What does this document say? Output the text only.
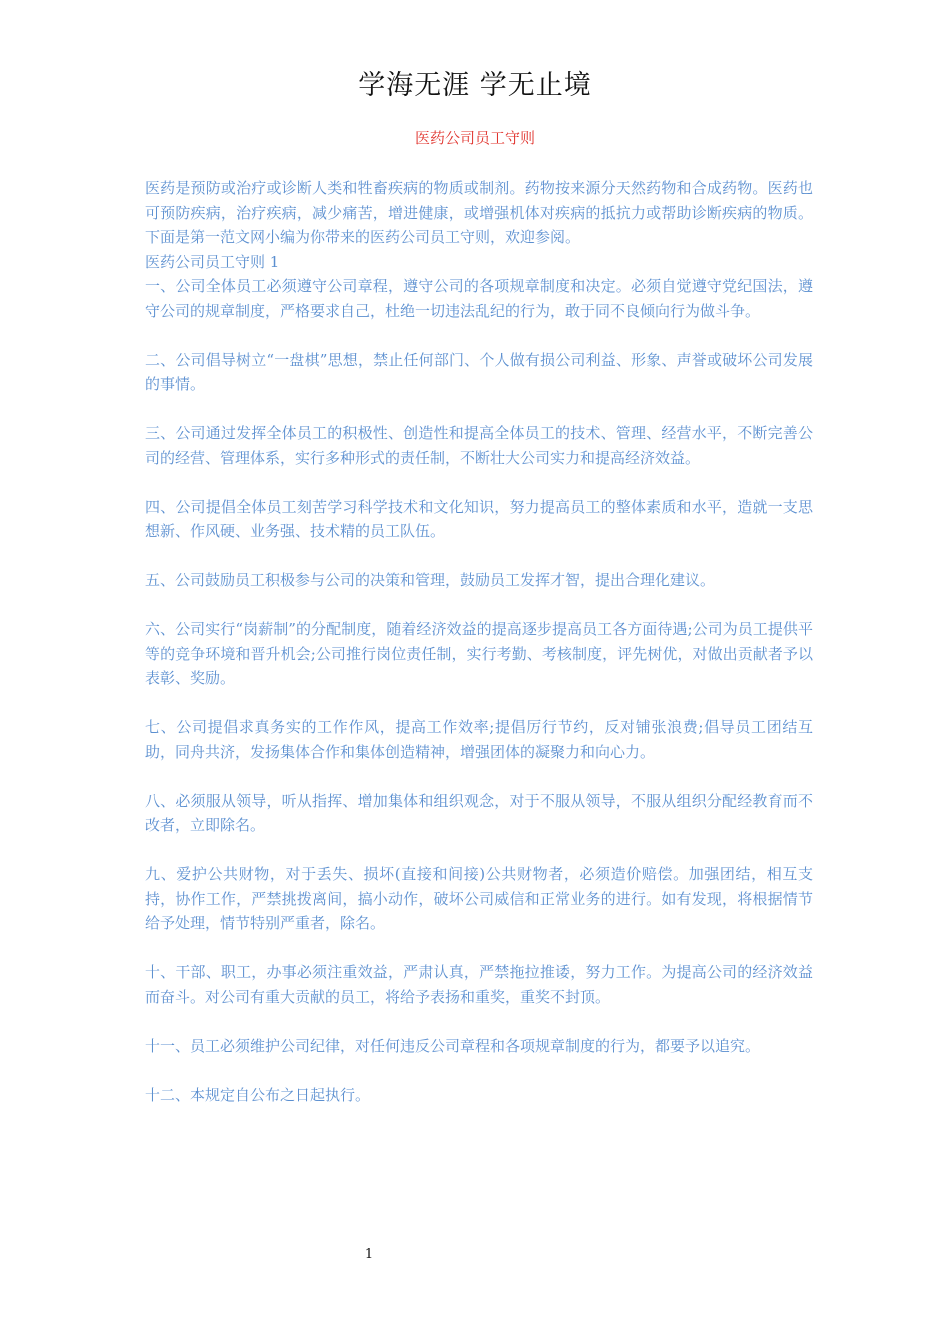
学海无涯 学无止境
医药公司员工守则

医药是预防或治疗或诊断人类和牲畜疾病的物质或制剂。药物按来源分天然药物和合成药物。医药也可预防疾病，治疗疾病，减少痛苦，增进健康，或增强机体对疾病的抵抗力或帮助诊断疾病的物质。下面是第一范文网小编为你带来的医药公司员工守则，欢迎参阅。

医药公司员工守则 1

一、公司全体员工必须遵守公司章程，遵守公司的各项规章制度和决定。必须自觉遵守党纪国法，遵守公司的规章制度，严格要求自己，杜绝一切违法乱纪的行为，敢于同不良倾向行为做斗争。

二、公司倡导树立“一盘棋”思想，禁止任何部门、个人做有损公司利益、形象、声誉或破坏公司发展的事情。

三、公司通过发挥全体员工的积极性、创造性和提高全体员工的技术、管理、经营水平，不断完善公司的经营、管理体系，实行多种形式的责任制，不断壮大公司实力和提高经济效益。

四、公司提倡全体员工刻苦学习科学技术和文化知识，努力提高员工的整体素质和水平，造就一支思想新、作风硬、业务强、技术精的员工队伍。

五、公司鼓励员工积极参与公司的决策和管理，鼓励员工发挥才智，提出合理化建议。

六、公司实行“岗薪制”的分配制度，随着经济效益的提高逐步提高员工各方面待遇;公司为员工提供平等的竞争环境和晋升机会;公司推行岗位责任制，实行考勤、考核制度，评先树优，对做出贡献者予以表彰、奖励。

七、公司提倡求真务实的工作作风，提高工作效率;提倡厉行节约，反对铺张浪费;倡导员工团结互助，同舟共济，发扬集体合作和集体创造精神，增强团体的凝聚力和向心力。

八、必须服从领导，听从指挥、增加集体和组织观念，对于不服从领导，不服从组织分配经教育而不改者，立即除名。

九、爱护公共财物，对于丢失、损坏(直接和间接)公共财物者，必须造价赔偿。加强团结，相互支持，协作工作，严禁挑拨离间，搞小动作，破坏公司威信和正常业务的进行。如有发现，将根据情节给予处理，情节特别严重者，除名。

十、干部、职工，办事必须注重效益，严肃认真，严禁拖拉推诿，努力工作。为提高公司的经济效益而奋斗。对公司有重大贡献的员工，将给予表扬和重奖，重奖不封顶。

十一、员工必须维护公司纪律，对任何违反公司章程和各项规章制度的行为，都要予以追究。

十二、本规定自公布之日起执行。

1
